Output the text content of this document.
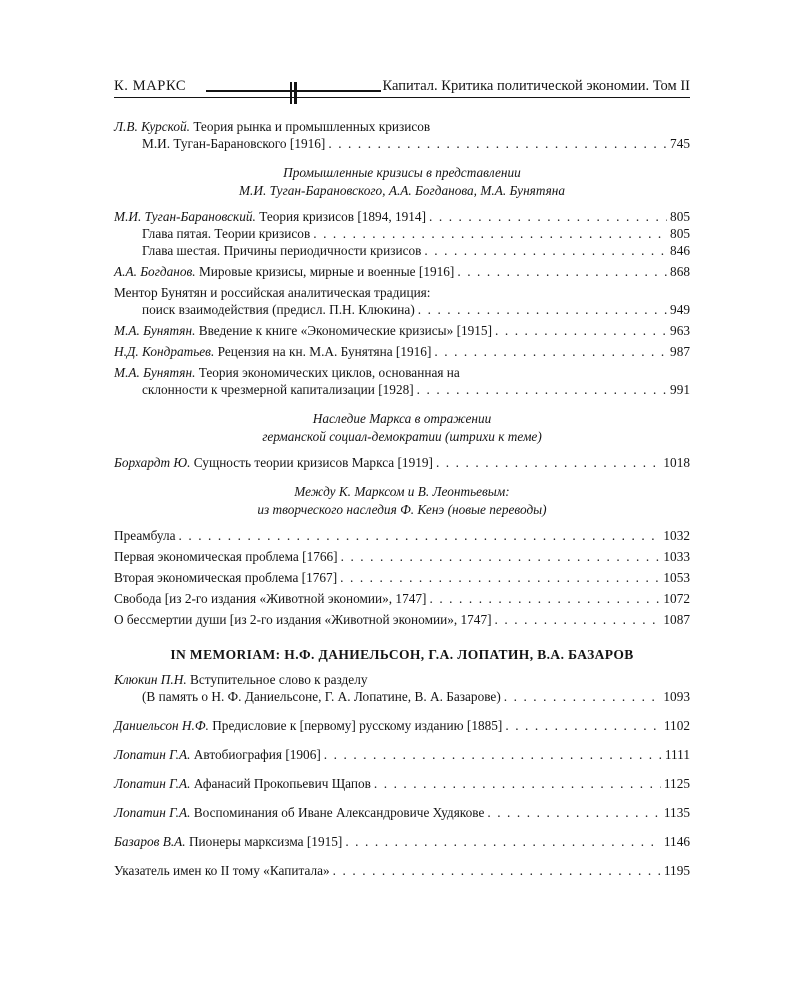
К. МАРКС	Капитал. Критика политической экономии. Том II
Л.В. Курской. Теория рынка и промышленных кризисов
М.И. Туган-Барановского [1916] . . .	745
Промышленные кризисы в представлении
М.И. Туган-Барановского, А.А. Богданова, М.А. Бунятяна
М.И. Туган-Барановский. Теория кризисов [1894, 1914] . . .	805
Глава пятая. Теории кризисов . . .	805
Глава шестая. Причины периодичности кризисов . . .	846
А.А. Богданов. Мировые кризисы, мирные и военные [1916] . . .	868
Ментор Бунятян и российская аналитическая традиция:
поиск взаимодействия (предисл. П.Н. Клюкина) . . .	949
М.А. Бунятян. Введение к книге «Экономические кризисы» [1915] . . .	963
Н.Д. Кондратьев. Рецензия на кн. М.А. Бунятяна [1916] . . .	987
М.А. Бунятян. Теория экономических циклов, основанная на
склонности к чрезмерной капитализации [1928] . . .	991
Наследие Маркса в отражении
германской социал-демократии (штрихи к теме)
Борхардт Ю. Сущность теории кризисов Маркса [1919] . . .	1018
Между К. Марксом и В. Леонтьевым:
из творческого наследия Ф. Кенэ (новые переводы)
Преамбула . . .	1032
Первая экономическая проблема [1766] . . .	1033
Вторая экономическая проблема [1767] . . .	1053
Свобода [из 2-го издания «Животной экономии», 1747] . . .	1072
О бессмертии души [из 2-го издания «Животной экономии», 1747] . . .	1087
IN MEMORIAM: Н.Ф. ДАНИЕЛЬСОН, Г.А. ЛОПАТИН, В.А. БАЗАРОВ
Клюкин П.Н. Вступительное слово к разделу
(В память о Н. Ф. Даниельсоне, Г. А. Лопатине, В. А. Базарове) . . .	1093
Даниельсон Н.Ф. Предисловие к [первому] русскому изданию [1885] . . .	1102
Лопатин Г.А. Автобиография [1906] . . .	1111
Лопатин Г.А. Афанасий Прокопьевич Щапов . . .	1125
Лопатин Г.А. Воспоминания об Иване Александровиче Худякове . . .	1135
Базаров В.А. Пионеры марксизма [1915] . . .	1146
Указатель имен ко II тому «Капитала» . . .	1195
